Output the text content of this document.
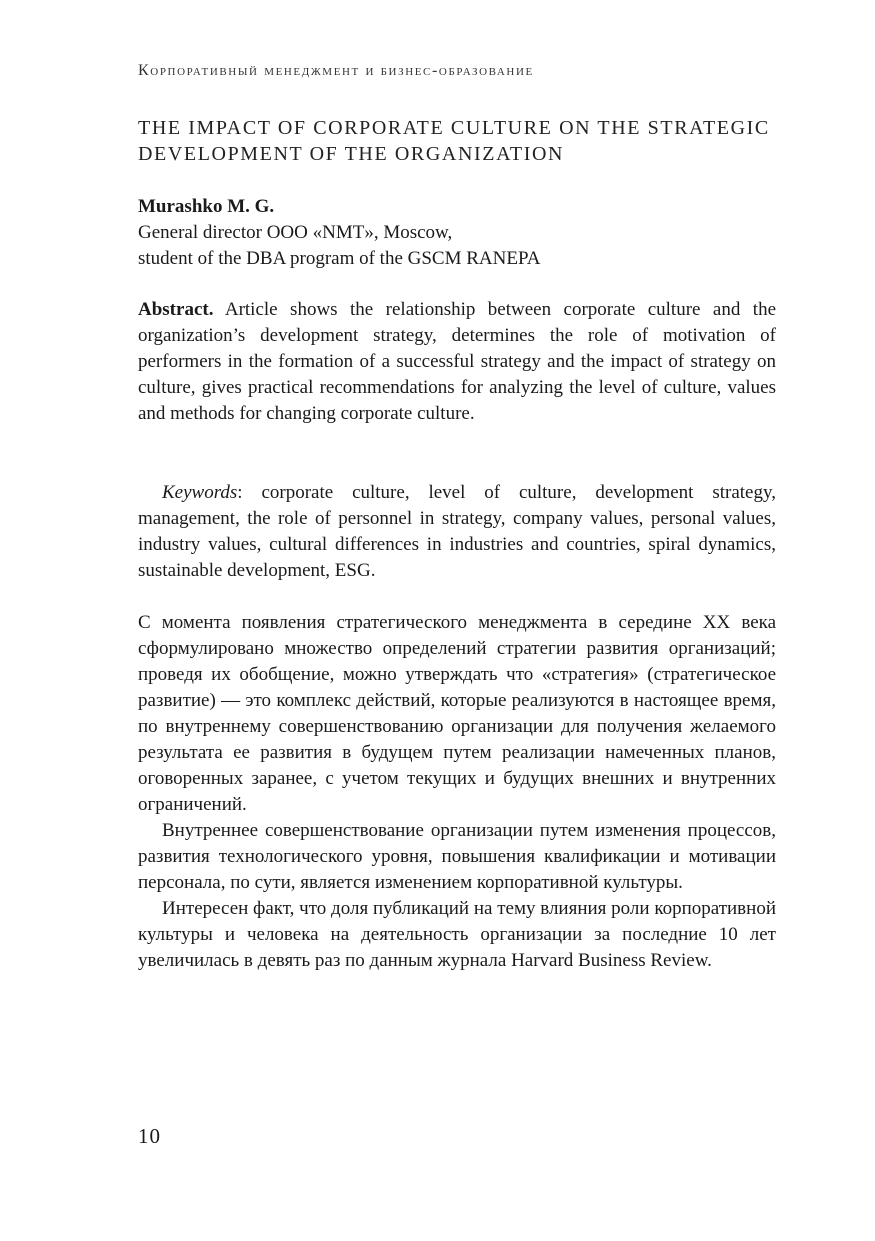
Корпоративный менеджмент и бизнес-образование
THE IMPACT OF CORPORATE CULTURE ON THE STRATEGIC DEVELOPMENT OF THE ORGANIZATION
Murashko M. G.
General director OOO «NMT», Moscow,
student of the DBA program of the GSCM RANEPA
Abstract. Article shows the relationship between corporate culture and the organization’s development strategy, determines the role of motivation of performers in the formation of a successful strategy and the impact of strategy on culture, gives practical recommendations for analyzing the level of culture, values and methods for changing corporate culture.
Keywords: corporate culture, level of culture, development strategy, management, the role of personnel in strategy, company values, personal values, industry values, cultural differences in industries and countries, spiral dynamics, sustainable development, ESG.

С момента появления стратегического менеджмента в середине XX века сформулировано множество определений стратегии развития организаций; проведя их обобщение, можно утверждать что «стратегия» (стратегическое развитие) — это комплекс действий, которые реализуются в настоящее время, по внутреннему совершенствованию организации для получения желаемого результата ее развития в будущем путем реализации намеченных планов, оговоренных заранее, с учетом текущих и будущих внешних и внутренних ограничений.

Внутреннее совершенствование организации путем изменения процессов, развития технологического уровня, повышения квалификации и мотивации персонала, по сути, является изменением корпоративной культуры.

Интересен факт, что доля публикаций на тему влияния роли корпоративной культуры и человека на деятельность организации за последние 10 лет увеличилась в девять раз по данным журнала Harvard Business Review.

10
